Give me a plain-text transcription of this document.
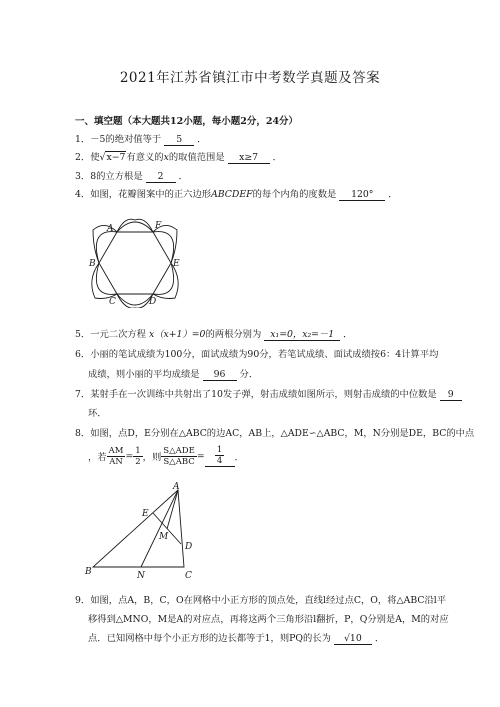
2021年江苏省镇江市中考数学真题及答案
一、填空题（本大题共12小题，每小题2分，24分）
1．－5的绝对值等于 5 ．
2．使√x−7有意义的x的取值范围是 x≥7 ．
3．8的立方根是 2 ．
4．如图，花瓣图案中的正六边形ABCDEF的每个内角的度数是 120° ．
A	F
B	E
C	D
5．一元二次方程 x（x+1）=0的两根分别为 x₁=0，x₂=－1 ．
6．小丽的笔试成绩为100分，面试成绩为90分，若笔试成绩、面试成绩按6：4计算平均
成绩，则小丽的平均成绩是 96 分．
7．某射手在一次训练中共射出了10发子弹，射击成绩如图所示，则射击成绩的中位数是 9
环．
8．如图，点D，E分别在△ABC的边AC，AB上，△ADE∽△ABC，M，N分别是DE，BC的中点
，若 $\frac{AM}{AN} = \frac{1}{2}$ ，则 $\frac{\text{S△ADE}}{\text{S△ABC}} = \frac{1}{4}$ ．
A
E
M
D
B	N	C
9．如图，点A，B，C，O在网格中小正方形的顶点处，直线l经过点C，O，将△ABC沿l平
移得到△MNO，M是A的对应点，再将这两个三角形沿l翻折，P，Q分别是A，M的对应
点．已知网格中每个小正方形的边长都等于1，则PQ的长为 √10 ．
